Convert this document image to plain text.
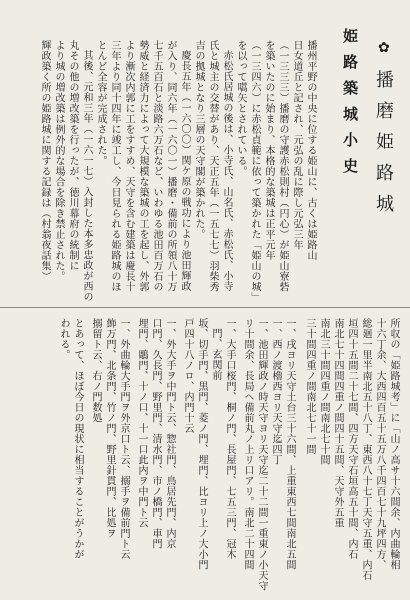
✿
播磨姫路城
姫路築城小史
播州平野の中央に位する姫山に、古くは姫路山
日女道丘と記され、元弘の乱に際し元弘三年
（一三三三）播磨の守護赤松則村（円心）が姫山寮砦
を築いたのに始まり、本格的な築城は正平元年
（一三四六）に赤松貞範に依って築かれた「姫山の城」
を以って嚆矢とされている。
赤松氏居城の後は、小寺氏、山名氏、赤松氏、小寺
氏と城主の交替があり、天正五年（一五七七）羽柴秀
吉の拠城となり三層の天守閣が築かれた。
慶長五年（一六〇〇）関ケ原の戦功により池田輝政
が入り、同六年（一六〇一）播磨・備前の所領八十万
七千五百石と淡路六万石など、いわゆる池田百万石の
勢威と経済力によって大規模な築城の工を起し、外郭
より漸次内郭に工をすすめ、天守を含む建築は慶長十
三年より同十四年に竣工し、今日見られる姫路城のほ
とんど全容が完成された。
其後、元和三年（一六一七）入封した本多忠政が西の
丸その他の増改築を行ったが、徳川幕府の統制に
より城の増改築は例外的な場合を除き禁止された。
輝政築く所の姫路城に関する記録は（村翁夜話集）
所収の「姫路城考」に「山ノ高サ十六間余、内曲輪相
十六丁余、大西四百五十五万八千四百七十九坪四方、
総廻一里半南北五十八丁、東西八十七丁天守五重、内石
垣四十五間二十七間、四方天守石垣高五十間、内石
南北七十四間四重ノ間四十五間、天守外五重
南北三十間四重ノ間南北七十間
三十間四重ノ間南北七十一間
一、戌ヨリ天守土台三十六間、上重東西七間南北五間
一、西ノ渡櫓西ヨリ天守迄四丁
一、池田輝政ノ時天守ヨリ天守迄二十二間一重東ノ小天守
リ十間余、長局ヘ備前丸ノ上リ口アリ。南北二十四間
一、大手口桜門、桐ノ門、長屋門、七五三門、冠木
門、玄関前
坂、切手門、黒門、菱ノ門、埋門、比ヨリ上ノ大小門
戸四十八ノロ、内門十云
一、外大手ヲ中門ト云、惣社門、鳥居先門、内京
口門、久長門、野里門、清水門、市ノ橋門、車門
埋門、鵰門、十ノ口、十一口此内ヲ中門ト云
一、外曲輪大手門ヲ外京口ト云、搦手ヲ備前門ト云
飾万門、北条門、竹ノ門、野里針貫門、比処ヲ
搦留ト云、右ノ門数処
とあって、ほぼ今日の現状に相当することがうかが
われる。
